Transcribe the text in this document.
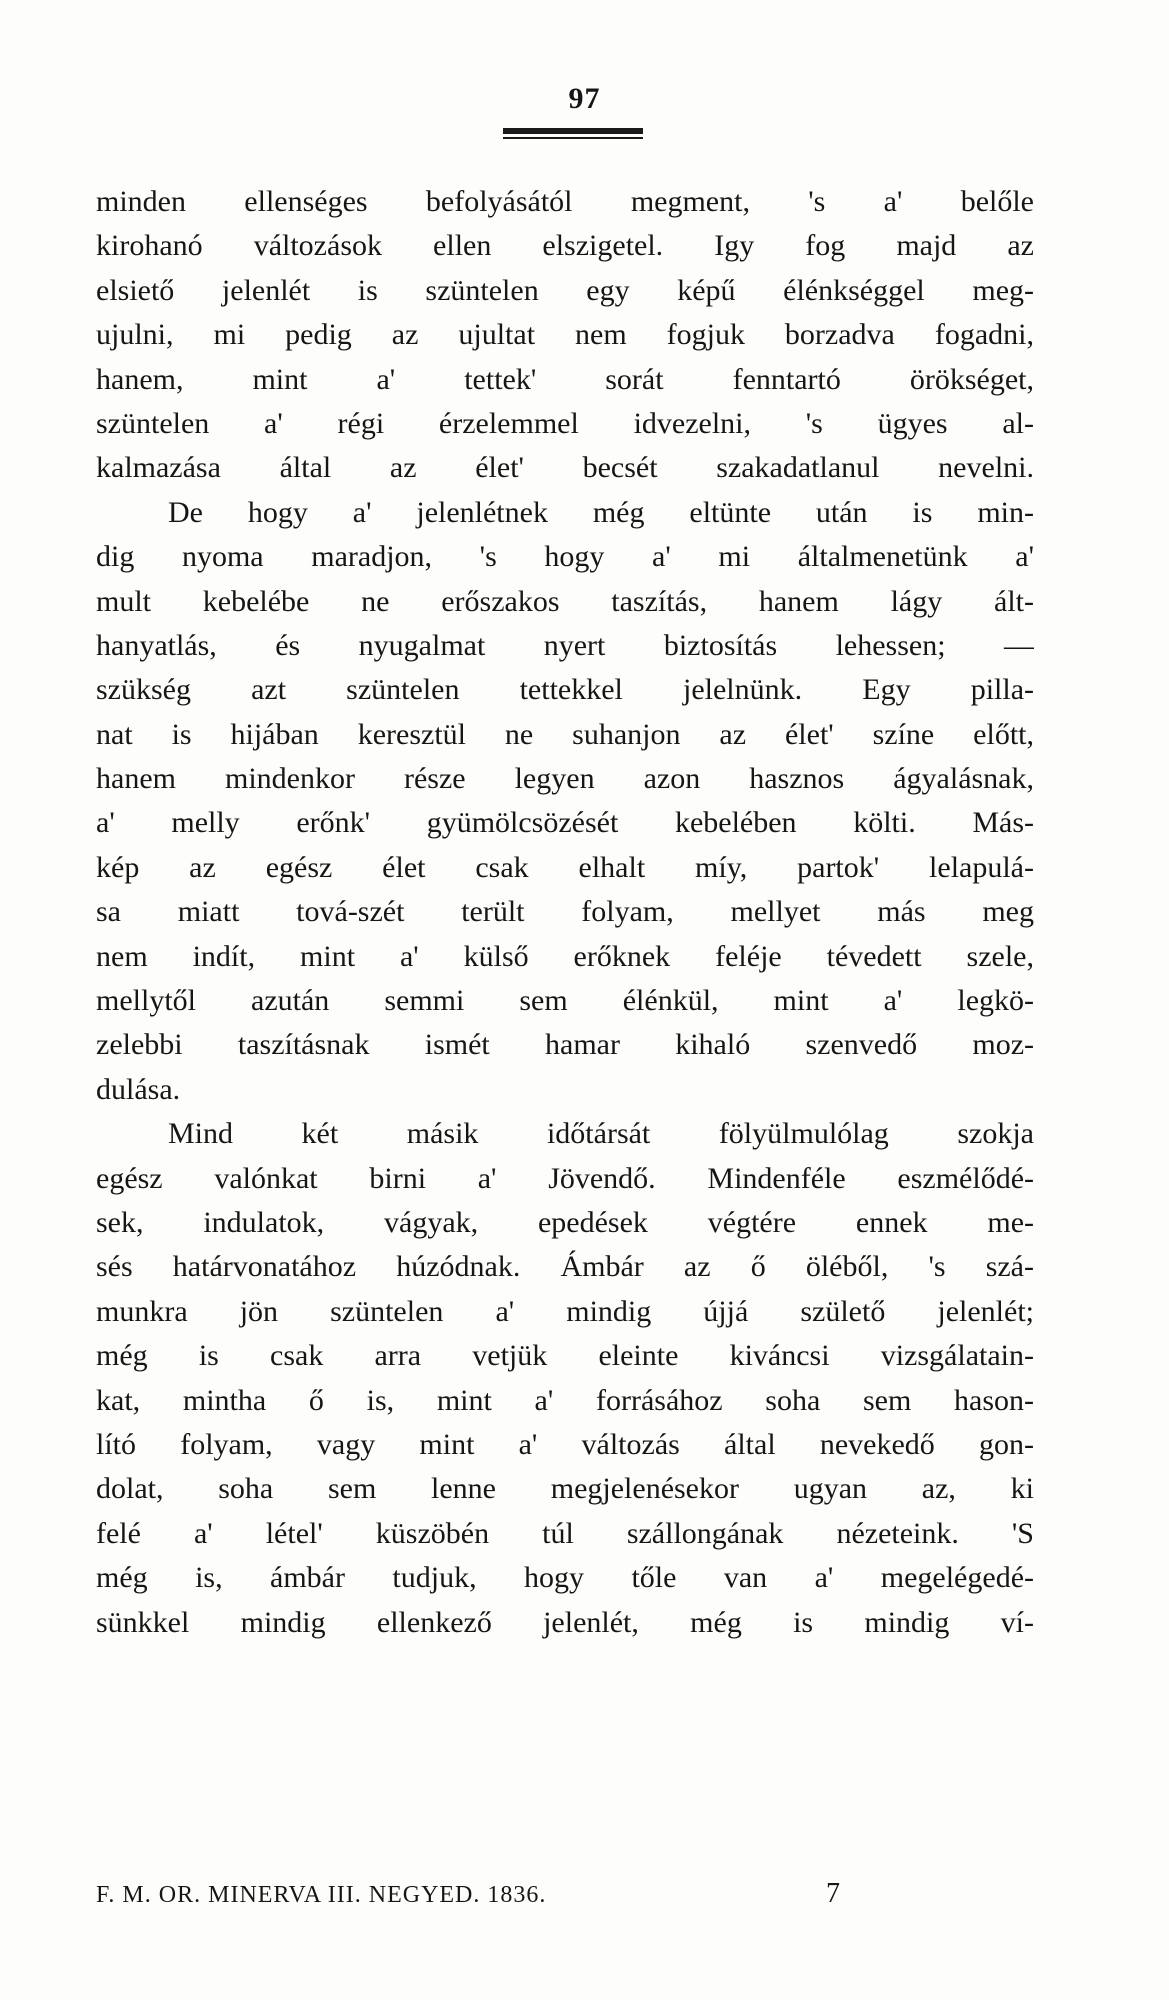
97
minden ellenséges befolyásától megment, 's a' belőle
kirohanó változások ellen elszigetel. Igy fog majd az
elsiető jelenlét is szüntelen egy képű élénkséggel meg-
ujulni, mi pedig az ujultat nem fogjuk borzadva fogadni,
hanem, mint a' tettek' sorát fenntartó örökséget,
szüntelen a' régi érzelemmel idvezelni, 's ügyes al-
kalmazása által az élet' becsét szakadatlanul nevelni.
De hogy a' jelenlétnek még eltünte után is min-
dig nyoma maradjon, 's hogy a' mi általmenetünk a'
mult kebelébe ne erőszakos taszítás, hanem lágy ált-
hanyatlás, és nyugalmat nyert biztosítás lehessen; —
szükség azt szüntelen tettekkel jelelnünk. Egy pilla-
nat is hijában keresztül ne suhanjon az élet' színe előtt,
hanem mindenkor része legyen azon hasznos ágyalásnak,
a' melly erőnk' gyümölcsözését kebelében költi. Más-
kép az egész élet csak elhalt míy, partok' lelapulá-
sa miatt tová-szét terült folyam, mellyet más meg
nem indít, mint a' külső erőknek feléje tévedett szele,
mellytől azután semmi sem élénkül, mint a' legkö-
zelebbi taszításnak ismét hamar kihaló szenvedő moz-
dulása.
Mind két másik időtársát fölyülmulólag szokja
egész valónkat birni a' Jövendő. Mindenféle eszmélődé-
sek, indulatok, vágyak, epedések végtére ennek me-
sés határvonatához húzódnak. Ámbár az ő öléből, 's szá-
munkra jön szüntelen a' mindig újjá születő jelenlét;
még is csak arra vetjük eleinte kiváncsi vizsgálatain-
kat, mintha ő is, mint a' forrásához soha sem hason-
lító folyam, vagy mint a' változás által nevekedő gon-
dolat, soha sem lenne megjelenésekor ugyan az, ki
felé a' létel' küszöbén túl szállongának nézeteink. 'S
még is, ámbár tudjuk, hogy tőle van a' megelégedé-
sünkkel mindig ellenkező jelenlét, még is mindig ví-
F. M. OR. MINERVA III. NEGYED. 1836.	7
